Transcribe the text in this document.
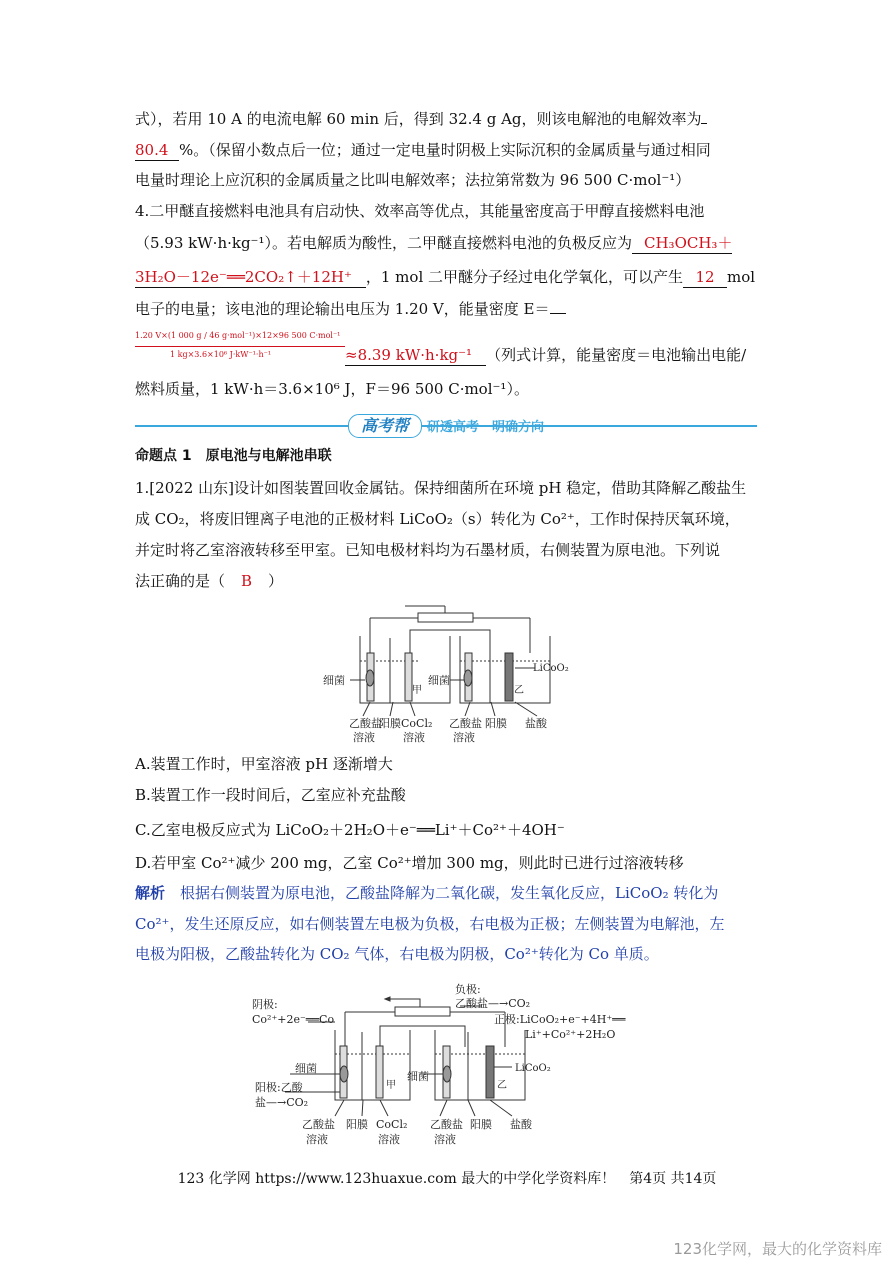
式），若用 10 A 的电流电解 60 min 后，得到 32.4 g Ag，则该电解池的电解效率为
80.4 %。（保留小数点后一位；通过一定电量时阴极上实际沉积的金属质量与通过相同
电量时理论上应沉积的金属质量之比叫电解效率；法拉第常数为 96 500 C·mol⁻¹）
4.二甲醚直接燃料电池具有启动快、效率高等优点，其能量密度高于甲醇直接燃料电池
（5.93 kW·h·kg⁻¹）。若电解质为酸性，二甲醚直接燃料电池的负极反应为 CH₃OCH₃＋
3H₂O－12e⁻══2CO₂↑＋12H⁺ ，1 mol 二甲醚分子经过电化学氧化，可以产生 12 mol
电子的电量；该电池的理论输出电压为 1.20 V，能量密度 E＝
1.20 V×(1 000 g / 46 g·mol⁻¹)×12×96 500 C·mol⁻¹
1 kg×3.6×10⁶ J·kW⁻¹·h⁻¹	≈8.39 kW·h·kg⁻¹ （列式计算，能量密度＝电池输出电能/
燃料质量，1 kW·h＝3.6×10⁶ J，F＝96 500 C·mol⁻¹）。
高考帮	研透高考　明确方向
命题点 1　原电池与电解池串联
1.[2022 山东]设计如图装置回收金属钴。保持细菌所在环境 pH 稳定，借助其降解乙酸盐生
成 CO₂，将废旧锂离子电池的正极材料 LiCoO₂（s）转化为 Co²⁺，工作时保持厌氧环境，
并定时将乙室溶液转移至甲室。已知电极材料均为石墨材质，右侧装置为原电池。下列说
法正确的是（ B ）
细菌
甲
细菌
乙
LiCoO₂
乙酸盐
溶液
阳膜 CoCl₂
溶液
乙酸盐
溶液
阳膜 盐酸
A.装置工作时，甲室溶液 pH 逐渐增大
B.装置工作一段时间后，乙室应补充盐酸
C.乙室电极反应式为 LiCoO₂＋2H₂O＋e⁻══Li⁺＋Co²⁺＋4OH⁻
D.若甲室 Co²⁺减少 200 mg，乙室 Co²⁺增加 300 mg，则此时已进行过溶液转移
解析　 根据右侧装置为原电池，乙酸盐降解为二氧化碳，发生氧化反应，LiCoO₂ 转化为
Co²⁺，发生还原反应，如右侧装置左电极为负极，右电极为正极；左侧装置为电解池，左
电极为阳极，乙酸盐转化为 CO₂ 气体，右电极为阴极，Co²⁺转化为 Co 单质。
负极:
乙酸盐—→CO₂
阴极:
Co²⁺+2e⁻══Co	正极:LiCoO₂+e⁻+4H⁺══
Li⁺+Co²⁺+2H₂O
细菌
阳极:乙酸
盐—→CO₂
甲
细菌
乙
LiCoO₂
乙酸盐
溶液
阳膜 CoCl₂
溶液
乙酸盐
溶液
阳膜 盐酸
123 化学网 https://www.123huaxue.com 最大的中学化学资料库！　第4页 共14页
123化学网，最大的化学资料库
